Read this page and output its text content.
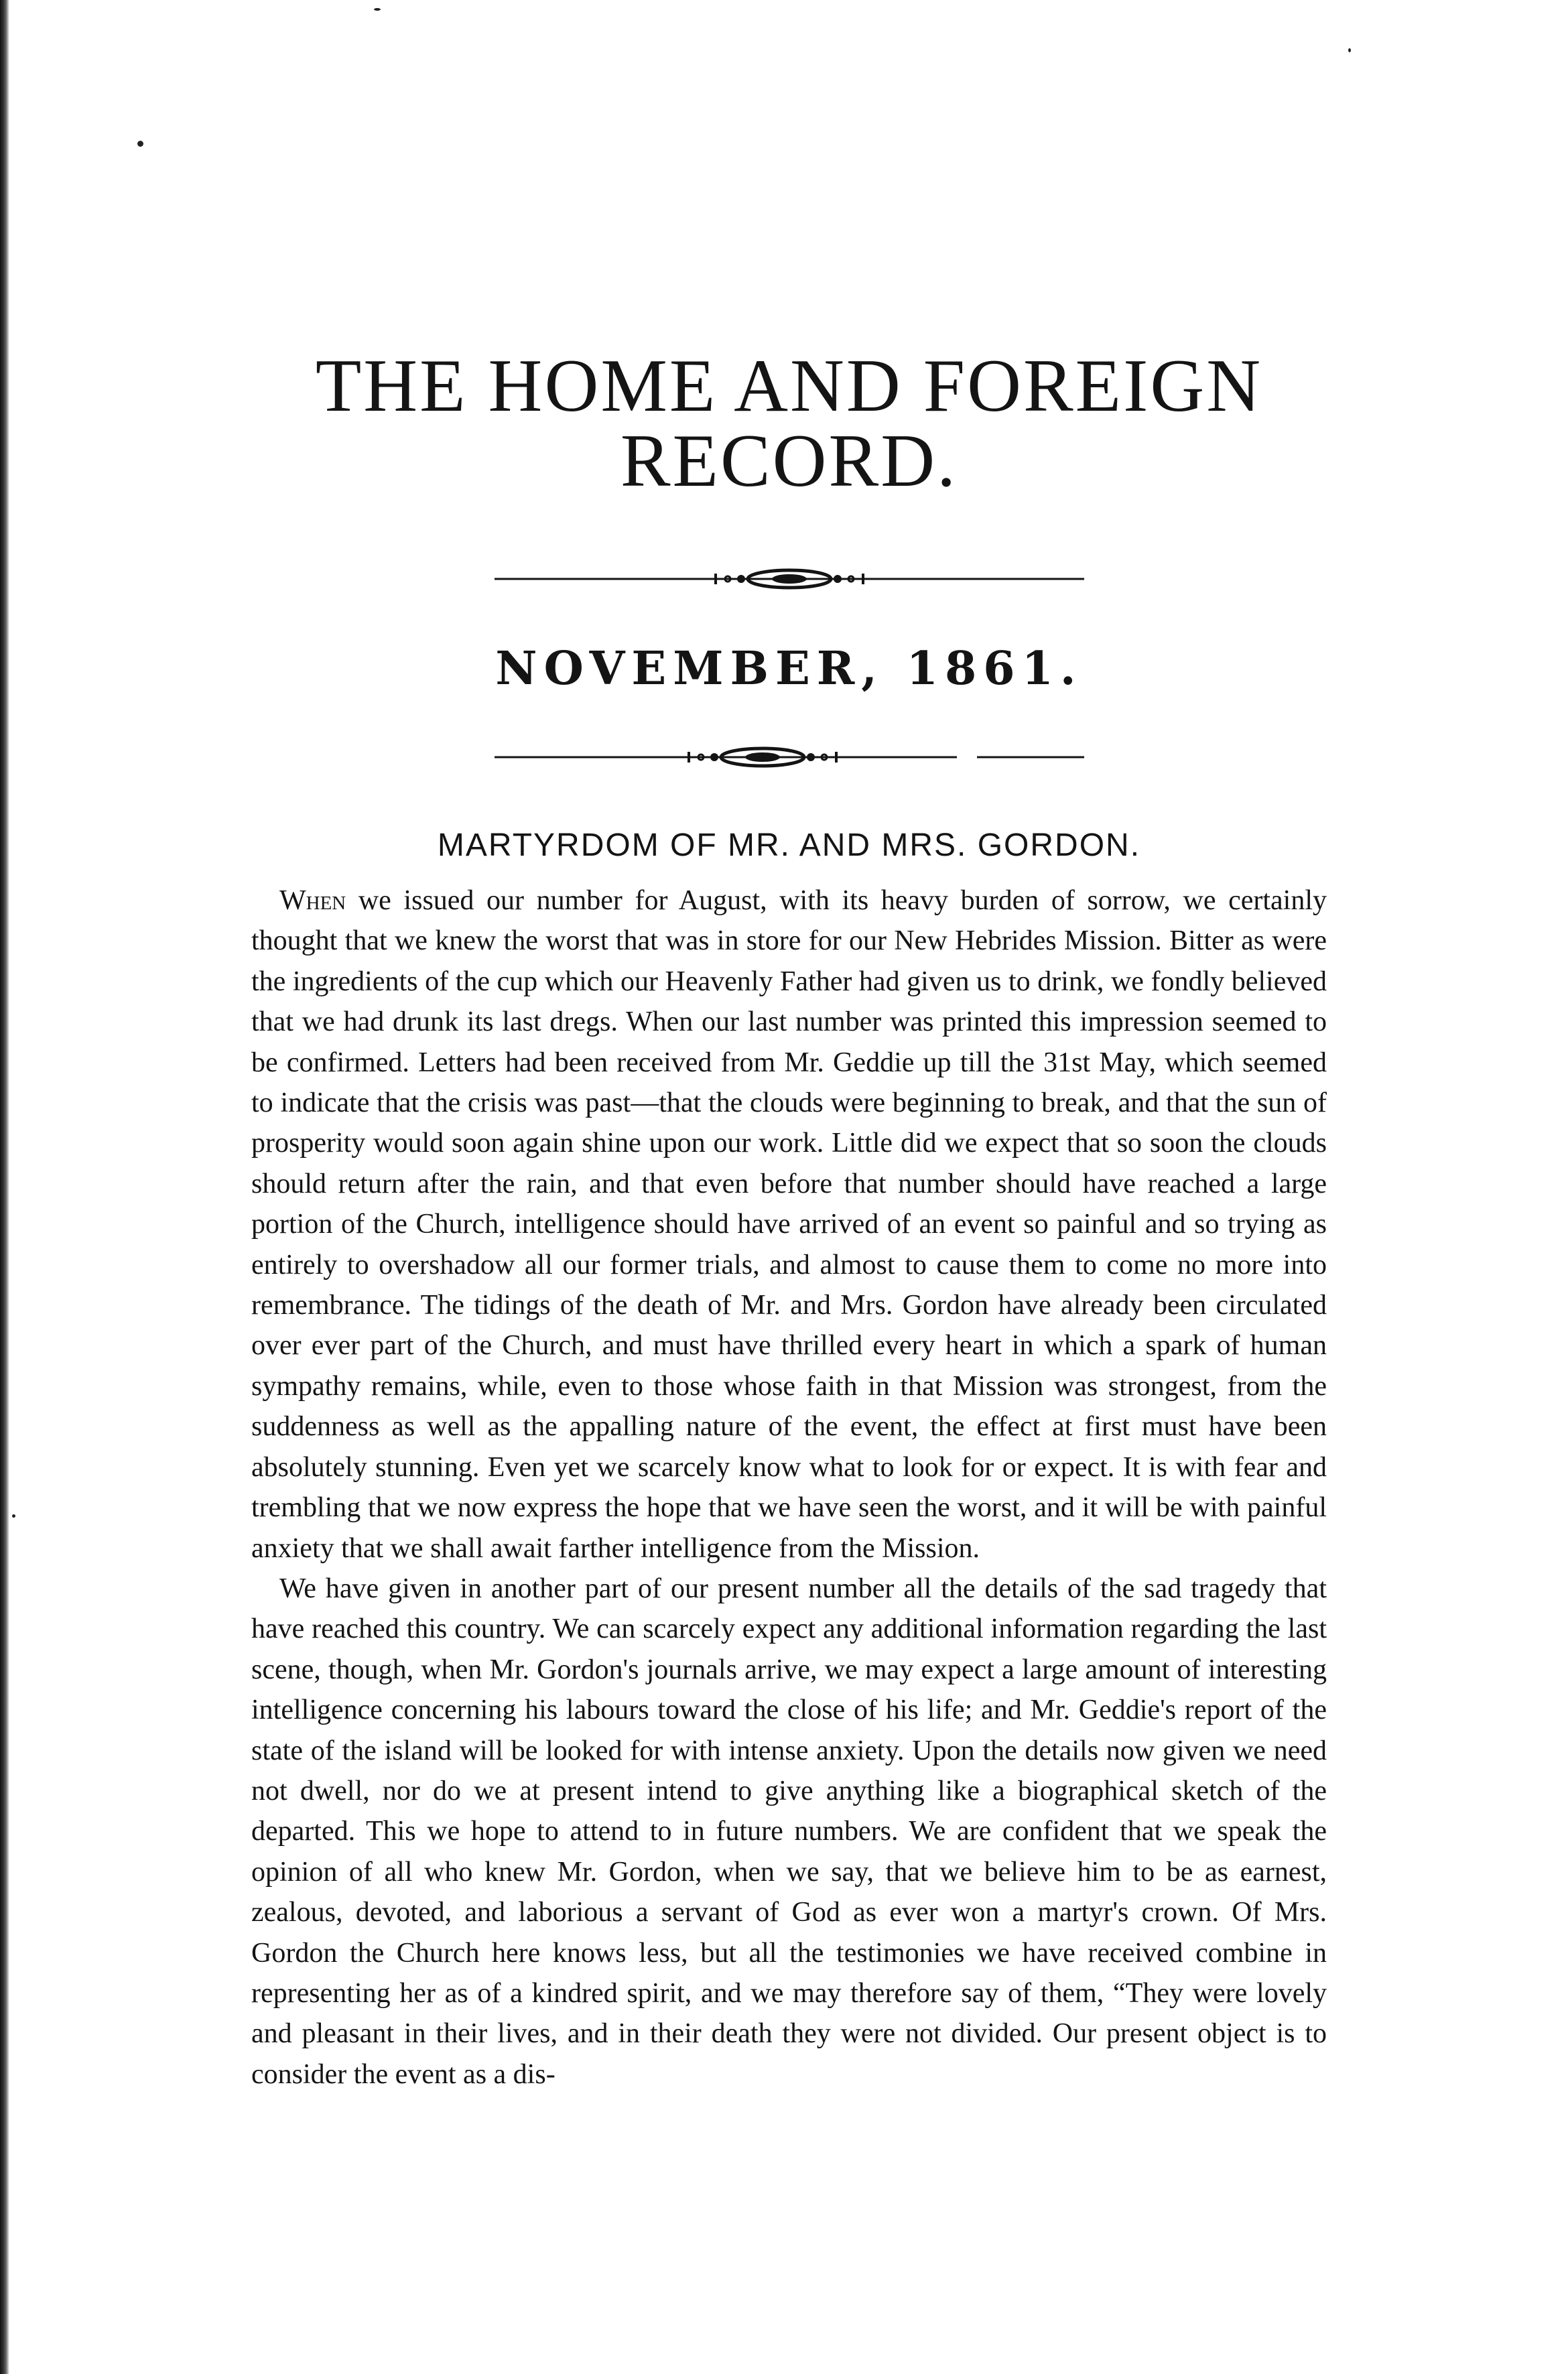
THE HOME AND FOREIGN RECORD.
NOVEMBER, 1861.
MARTYRDOM OF MR. AND MRS. GORDON.

When we issued our number for August, with its heavy burden of sorrow, we certainly thought that we knew the worst that was in store for our New Hebrides Mission. Bitter as were the ingredients of the cup which our Heavenly Father had given us to drink, we fondly believed that we had drunk its last dregs. When our last number was printed this impression seemed to be confirmed. Letters had been received from Mr. Geddie up till the 31st May, which seemed to indicate that the crisis was past—that the clouds were beginning to break, and that the sun of prosperity would soon again shine upon our work. Little did we expect that so soon the clouds should return after the rain, and that even before that number should have reached a large portion of the Church, intelligence should have arrived of an event so painful and so trying as entirely to overshadow all our former trials, and almost to cause them to come no more into remembrance. The tidings of the death of Mr. and Mrs. Gordon have already been circulated over ever part of the Church, and must have thrilled every heart in which a spark of human sympathy remains, while, even to those whose faith in that Mission was strongest, from the suddenness as well as the appalling nature of the event, the effect at first must have been absolutely stunning. Even yet we scarcely know what to look for or expect. It is with fear and trembling that we now express the hope that we have seen the worst, and it will be with painful anxiety that we shall await farther intelligence from the Mission.

We have given in another part of our present number all the details of the sad tragedy that have reached this country. We can scarcely expect any additional information regarding the last scene, though, when Mr. Gordon's journals arrive, we may expect a large amount of interesting intelligence concerning his labours toward the close of his life; and Mr. Geddie's report of the state of the island will be looked for with intense anxiety. Upon the details now given we need not dwell, nor do we at present intend to give anything like a biographical sketch of the departed. This we hope to attend to in future numbers. We are confident that we speak the opinion of all who knew Mr. Gordon, when we say, that we believe him to be as earnest, zealous, devoted, and laborious a servant of God as ever won a martyr's crown. Of Mrs. Gordon the Church here knows less, but all the testimonies we have received combine in representing her as of a kindred spirit, and we may therefore say of them, “They were lovely and pleasant in their lives, and in their death they were not divided. Our present object is to consider the event as a dis-
